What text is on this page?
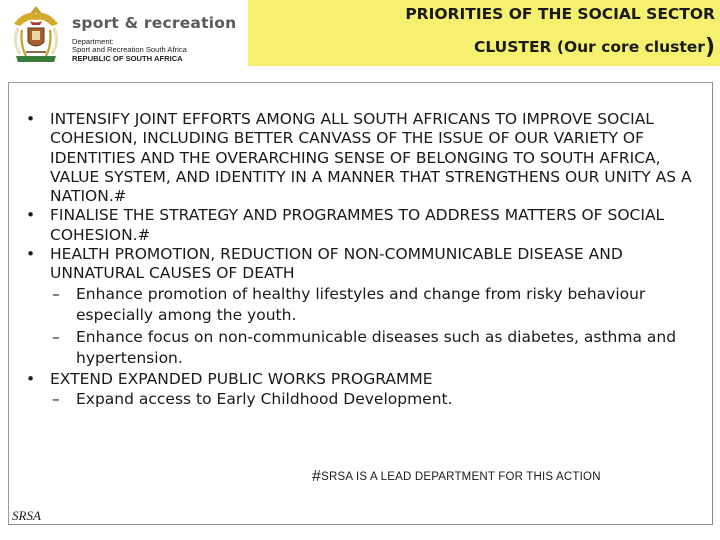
sport & recreation
Department:
Sport and Recreation South Africa
REPUBLIC OF SOUTH AFRICA
PRIORITIES OF THE SOCIAL SECTOR
CLUSTER (Our core cluster)
• INTENSIFY JOINT EFFORTS AMONG ALL SOUTH AFRICANS TO IMPROVE SOCIAL COHESION, INCLUDING BETTER CANVASS OF THE ISSUE OF OUR VARIETY OF IDENTITIES AND THE OVERARCHING SENSE OF BELONGING TO SOUTH AFRICA, VALUE SYSTEM, AND IDENTITY IN A MANNER THAT STRENGTHENS OUR UNITY AS A NATION.#
• FINALISE THE STRATEGY AND PROGRAMMES TO ADDRESS MATTERS OF SOCIAL COHESION.#
• HEALTH PROMOTION, REDUCTION OF NON-COMMUNICABLE DISEASE AND UNNATURAL CAUSES OF DEATH
– Enhance promotion of healthy lifestyles and change from risky behaviour especially among the youth.
– Enhance focus on non-communicable diseases such as diabetes, asthma and hypertension.
• EXTEND EXPANDED PUBLIC WORKS PROGRAMME
– Expand access to Early Childhood Development.
#SRSA IS A LEAD DEPARTMENT FOR THIS ACTION
SRSA
